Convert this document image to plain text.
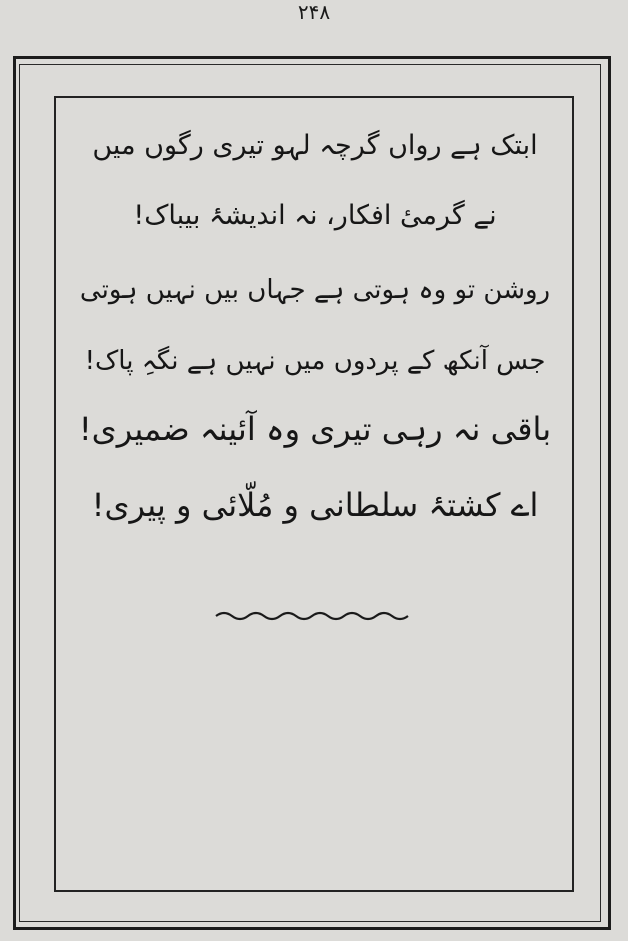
۲۴۸
ابتک ہے رواں گرچہ لہو تیری رگوں میں
نے گرمیٔ افکار، نہ اندیشۂ بیباک!
روشن تو وہ ہوتی ہے جہاں بیں نہیں ہوتی
جس آنکھ کے پردوں میں نہیں ہے نگہِ پاک!
باقی نہ رہی تیری وہ آئینہ ضمیری!
اے کشتۂ سلطانی و مُلّائی و پیری!
